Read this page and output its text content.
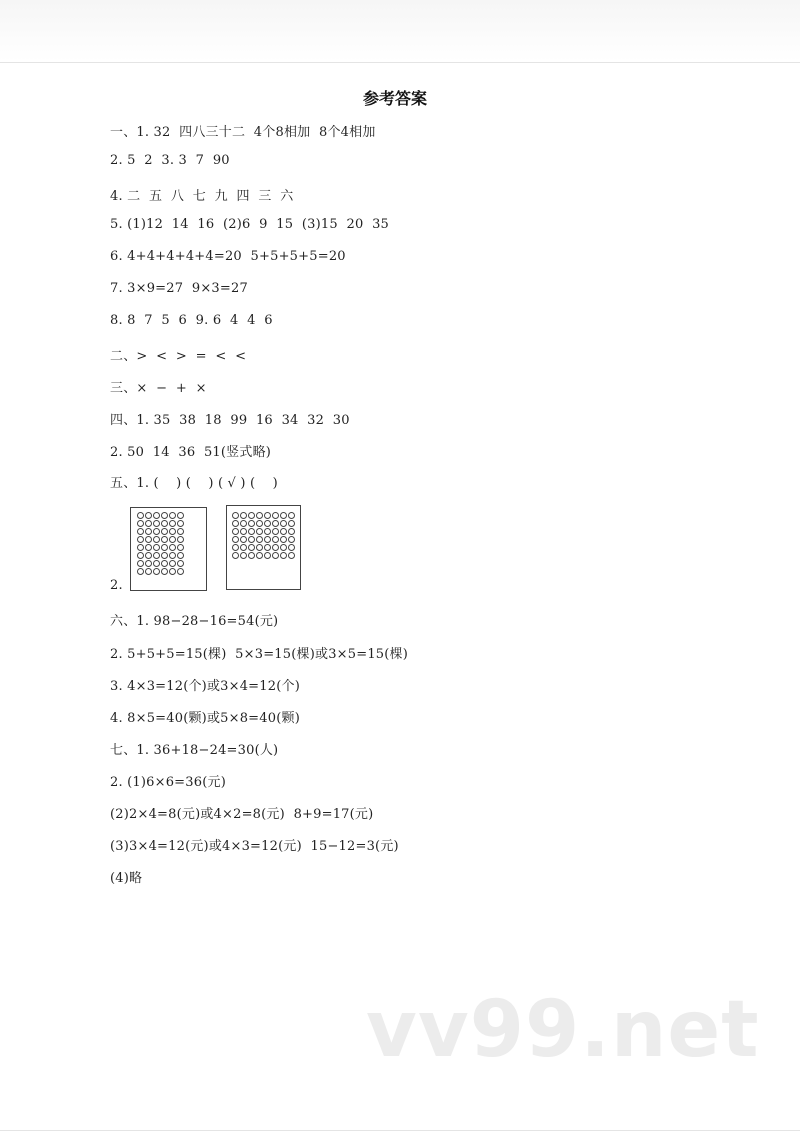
参考答案
一、1. 32  四八三十二  4个8相加  8个4相加
2. 5  2  3. 3  7  90
4. 二  五  八  七  九  四  三  六
5. (1)12  14  16  (2)6  9  15  (3)15  20  35
6. 4+4+4+4+4=20  5+5+5+5=20
7. 3×9=27  9×3=27
8. 8  7  5  6  9. 6  4  4  6
二、>  <  >  =  <  <
三、×  −  +  ×
四、1. 35  38  18  99  16  34  32  30
2. 50  14  36  51(竖式略)
五、1. (    ) (    ) ( √ ) (    )
2.
六、1. 98−28−16=54(元)
2. 5+5+5=15(棵)  5×3=15(棵)或3×5=15(棵)
3. 4×3=12(个)或3×4=12(个)
4. 8×5=40(颗)或5×8=40(颗)
七、1. 36+18−24=30(人)
2. (1)6×6=36(元)
(2)2×4=8(元)或4×2=8(元)  8+9=17(元)
(3)3×4=12(元)或4×3=12(元)  15−12=3(元)
(4)略
vv99.net
